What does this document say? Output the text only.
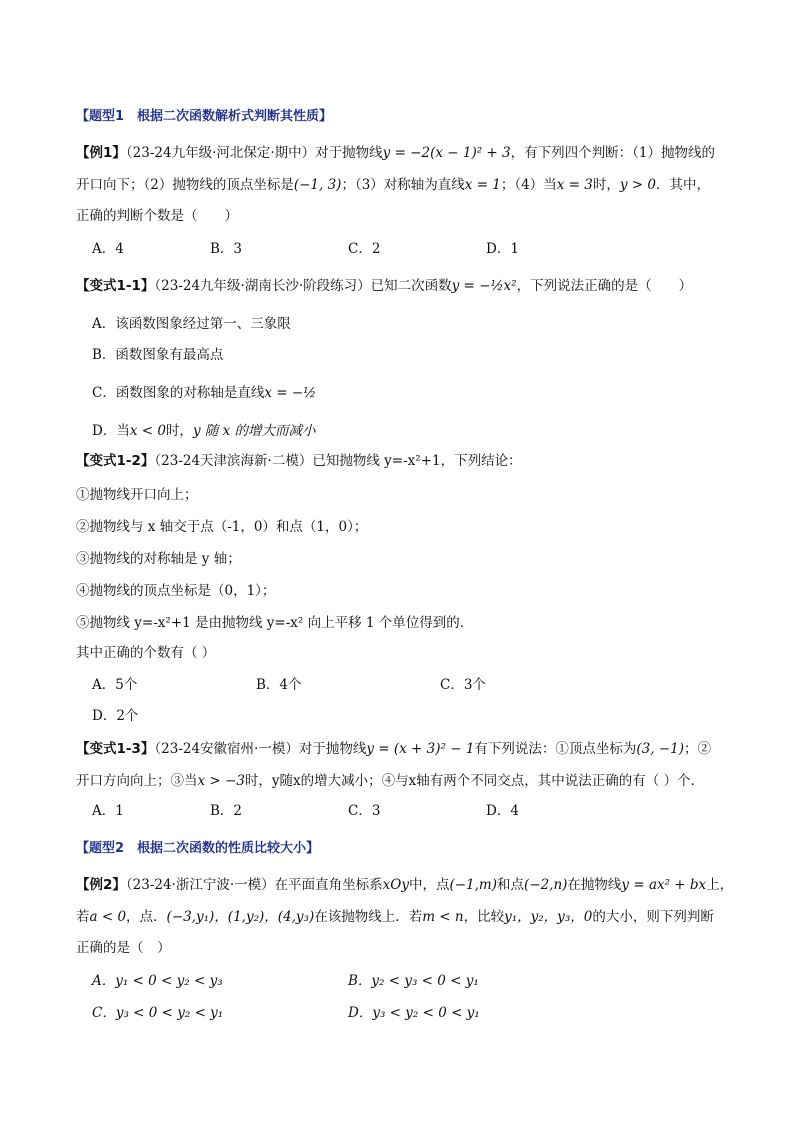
【题型1　根据二次函数解析式判断其性质】
【例1】（23-24九年级·河北保定·期中）对于抛物线y = −2(x − 1)² + 3，有下列四个判断：（1）抛物线的
开口向下；（2）抛物线的顶点坐标是(−1, 3)；（3）对称轴为直线x = 1；（4）当x = 3时，y > 0．其中，
正确的判断个数是（　　）
A．4	B．3	C．2	D．1
【变式1-1】（23-24九年级·湖南长沙·阶段练习）已知二次函数y = −½x²，下列说法正确的是（　　）
A．该函数图象经过第一、三象限
B．函数图象有最高点
C．函数图象的对称轴是直线x = −½
D．当x < 0时，y 随 x 的增大而减小
【变式1-2】（23-24天津滨海新·二模）已知抛物线 y=-x²+1，下列结论：
①抛物线开口向上；
②抛物线与 x 轴交于点（-1，0）和点（1，0）；
③抛物线的对称轴是 y 轴；
④抛物线的顶点坐标是（0，1）；
⑤抛物线 y=-x²+1 是由抛物线 y=-x² 向上平移 1 个单位得到的．
其中正确的个数有（ ）
A．5个	B．4个	C．3个
D．2个
【变式1-3】（23-24安徽宿州·一模）对于抛物线y = (x + 3)² − 1有下列说法：①顶点坐标为(3, −1)；②
开口方向向上；③当x > −3时，y随x的增大减小；④与x轴有两个不同交点，其中说法正确的有（ ）个．
A．1	B．2	C．3	D．4
【题型2　根据二次函数的性质比较大小】
【例2】（23-24·浙江宁波·一模）在平面直角坐标系xOy中，点(−1,m)和点(−2,n)在抛物线y = ax² + bx上，
若a < 0，点．(−3,y₁)，(1,y₂)，(4,y₃)在该抛物线上．若m < n，比较y₁，y₂，y₃，0的大小，则下列判断
正确的是（　）
A．y₁ < 0 < y₂ < y₃	B．y₂ < y₃ < 0 < y₁
C．y₃ < 0 < y₂ < y₁	D．y₃ < y₂ < 0 < y₁
